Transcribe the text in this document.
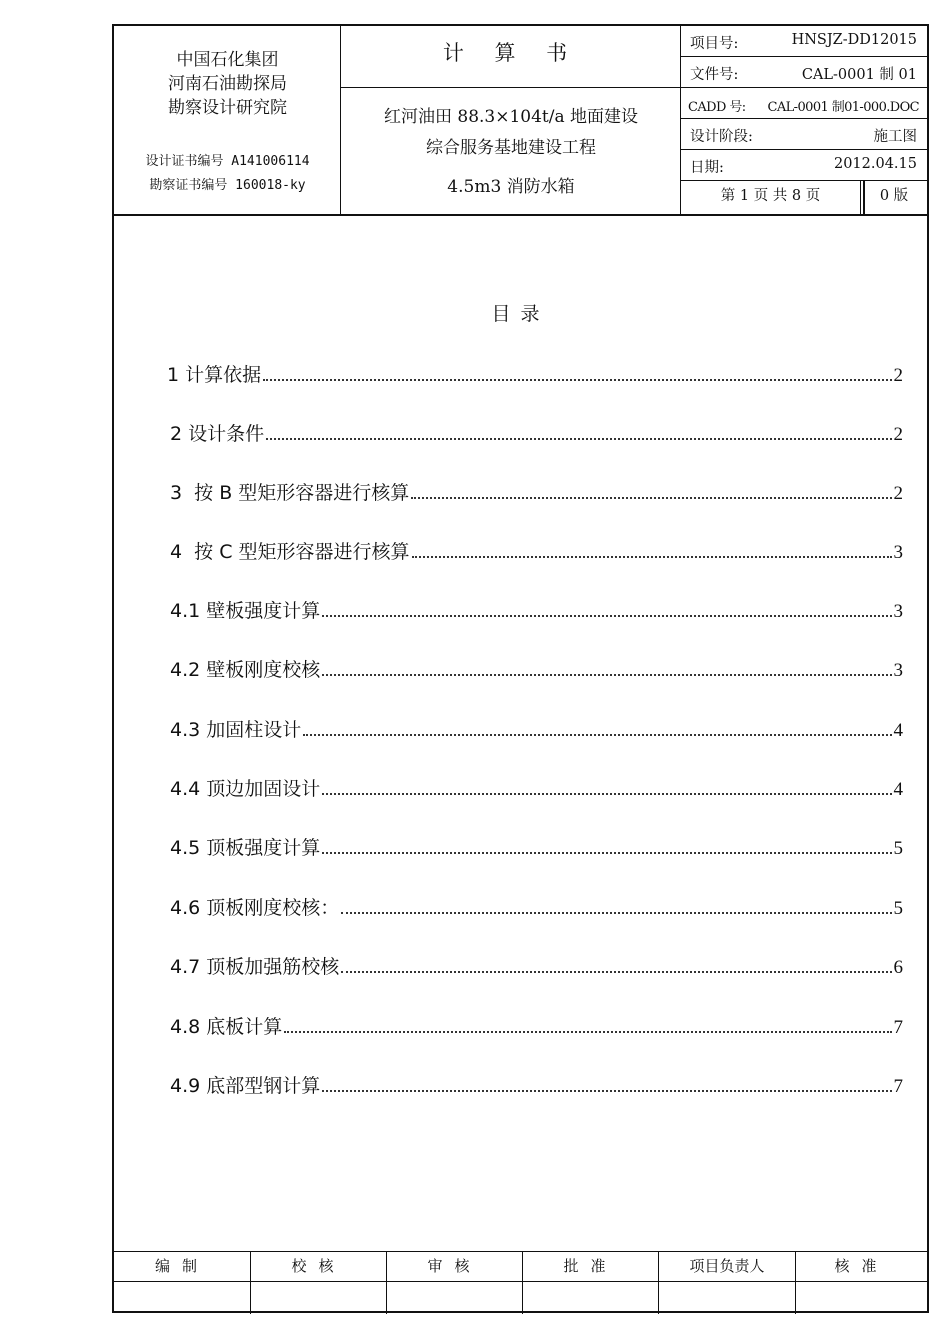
中国石化集团
河南石油勘探局
勘察设计研究院
设计证书编号 A141006114
勘察证书编号 160018-ky
计 算 书
红河油田 88.3×104t/a 地面建设
综合服务基地建设工程
4.5m3 消防水箱
项目号:	HNSJZ-DD12015
文件号:	CAL-0001 制 01
CADD 号: CAL-0001 制01-000.DOC
设计阶段:	施工图
日期:	2012.04.15
第 1 页 共 8 页	0 版
目录
1 计算依据	2
2 设计条件	2
3  按 B 型矩形容器进行核算	2
4  按 C 型矩形容器进行核算	3
4.1 壁板强度计算	3
4.2 壁板刚度校核	3
4.3 加固柱设计	4
4.4 顶边加固设计	4
4.5 顶板强度计算	5
4.6 顶板刚度校核：	5
4.7 顶板加强筋校核	6
4.8 底板计算	7
4.9 底部型钢计算	7
编制	校核	审核	批准	项目负责人	核准
